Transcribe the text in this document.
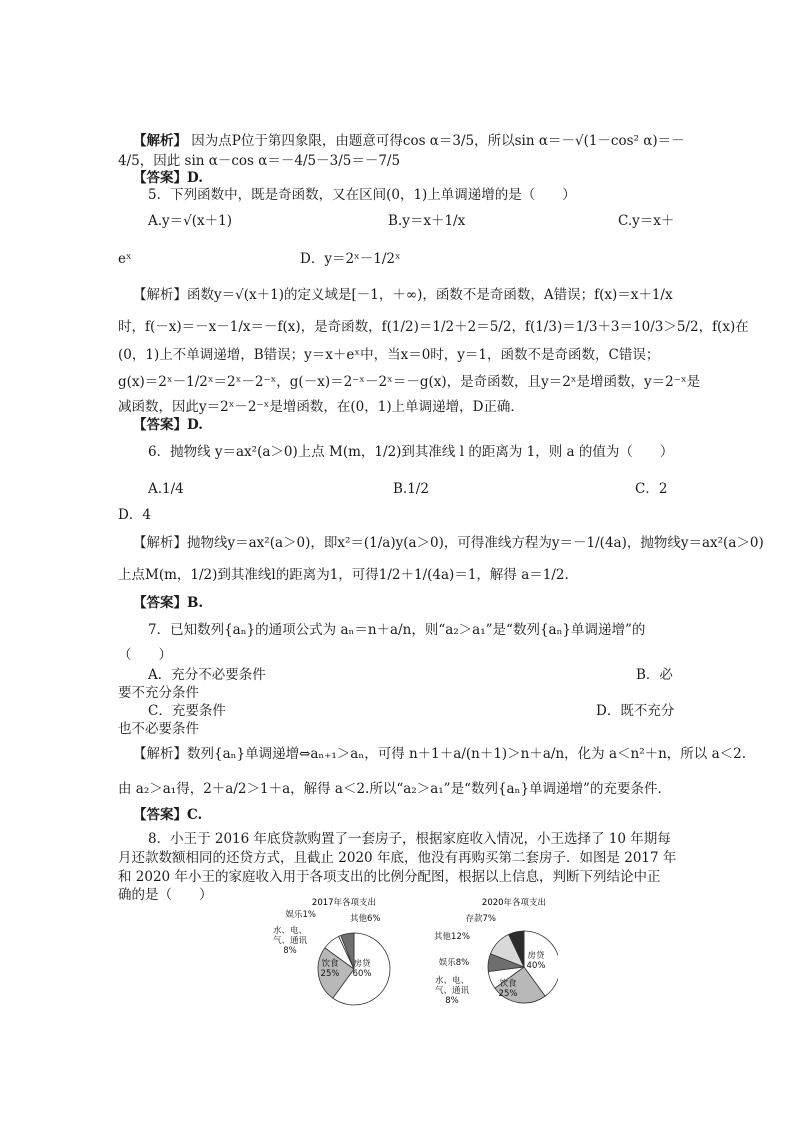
【解析】 因为点P位于第四象限，由题意可得cos α＝3/5，所以sin α＝－√(1－cos² α)＝－
4/5，因此 sin α－cos α＝－4/5－3/5＝－7/5
【答案】D.
5．下列函数中，既是奇函数，又在区间(0，1)上单调递增的是（　　）
A.y＝√(x＋1)	B.y＝x＋1/x	C.y＝x＋
eˣ	D．y＝2ˣ－1/2ˣ
【解析】函数y＝√(x＋1)的定义域是[－1，＋∞)，函数不是奇函数，A错误；f(x)＝x＋1/x
时，f(－x)＝－x－1/x＝－f(x)，是奇函数，f(1/2)＝1/2＋2＝5/2，f(1/3)＝1/3＋3＝10/3＞5/2，f(x)在
(0，1)上不单调递增，B错误；y＝x＋eˣ中，当x＝0时，y＝1，函数不是奇函数，C错误；
g(x)＝2ˣ－1/2ˣ＝2ˣ－2⁻ˣ，g(－x)＝2⁻ˣ－2ˣ＝－g(x)，是奇函数，且y＝2ˣ是增函数，y＝2⁻ˣ是
减函数，因此y＝2ˣ－2⁻ˣ是增函数，在(0，1)上单调递增，D正确．
【答案】D.
6．抛物线 y＝ax²(a＞0)上点 M(m，1/2)到其准线 l 的距离为 1，则 a 的值为（　　）
A.1/4	B.1/2	C．2
D．4
【解析】抛物线y＝ax²(a＞0)，即x²＝(1/a)y(a＞0)，可得准线方程为y＝－1/(4a)，抛物线y＝ax²(a＞0)
上点M(m，1/2)到其准线l的距离为1，可得1/2＋1/(4a)＝1，解得 a＝1/2.
【答案】B.
7．已知数列{aₙ}的通项公式为 aₙ＝n＋a/n，则“a₂＞a₁”是“数列{aₙ}单调递增”的
（　　）
A．充分不必要条件	B．必
要不充分条件
C．充要条件	D．既不充分
也不必要条件
【解析】数列{aₙ}单调递增⇔aₙ₊₁＞aₙ，可得 n＋1＋a/(n＋1)＞n＋a/n，化为 a＜n²＋n，所以 a＜2.
由 a₂＞a₁得，2＋a/2＞1＋a，解得 a＜2.所以“a₂＞a₁”是“数列{aₙ}单调递增”的充要条件．
【答案】C.
8．小王于 2016 年底贷款购置了一套房子，根据家庭收入情况，小王选择了 10 年期每
月还款数额相同的还贷方式，且截止 2020 年底，他没有再购买第二套房子．如图是 2017 年
和 2020 年小王的家庭收入用于各项支出的比例分配图，根据以上信息，判断下列结论中正
确的是（　　）	2017年各项支出
房贷 60%
饮食 25%
水、电、气、通讯 8%
娱乐1%	其他6%
2020年各项支出
房贷 40%
饮食 25%
水、电、气、通讯 8%
娱乐8%
其他12%
存款7%
